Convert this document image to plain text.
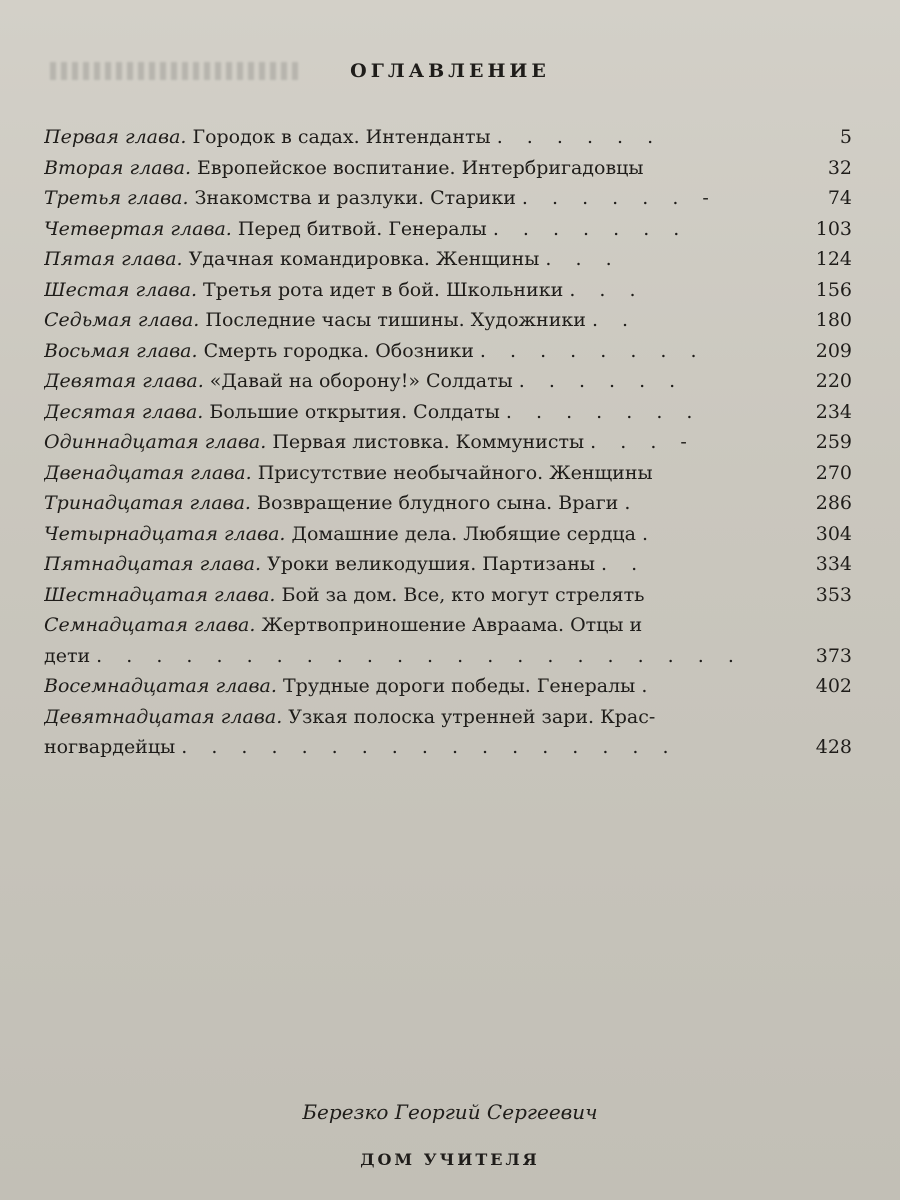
ОГЛАВЛЕНИЕ
Первая глава. Городок в садах. Интенданты . . . . . .	5
Вторая глава. Европейское воспитание. Интербригадовцы	32
Третья глава. Знакомства и разлуки. Старики . . . . . . -	74
Четвертая глава. Перед битвой. Генералы . . . . . . .	103
Пятая глава. Удачная командировка. Женщины . . .	124
Шестая глава. Третья рота идет в бой. Школьники . . .	156
Седьмая глава. Последние часы тишины. Художники . .	180
Восьмая глава. Смерть городка. Обозники . . . . . . . .	209
Девятая глава. «Давай на оборону!» Солдаты . . . . . .	220
Десятая глава. Большие открытия. Солдаты . . . . . . .	234
Одиннадцатая глава. Первая листовка. Коммунисты . . . -	259
Двенадцатая глава. Присутствие необычайного. Женщины	270
Тринадцатая глава. Возвращение блудного сына. Враги .	286
Четырнадцатая глава. Домашние дела. Любящие сердца .	304
Пятнадцатая глава. Уроки великодушия. Партизаны . .	334
Шестнадцатая глава. Бой за дом. Все, кто могут стрелять	353
Семнадцатая глава. Жертвоприношение Авраама. Отцы и
дети . . . . . . . . . . . . . . . . . . . . . .	373
Восемнадцатая глава. Трудные дороги победы. Генералы .	402
Девятнадцатая глава. Узкая полоска утренней зари. Крас-
ногвардейцы . . . . . . . . . . . . . . . . .	428
Березко Георгий Сергеевич
ДОМ УЧИТЕЛЯ
